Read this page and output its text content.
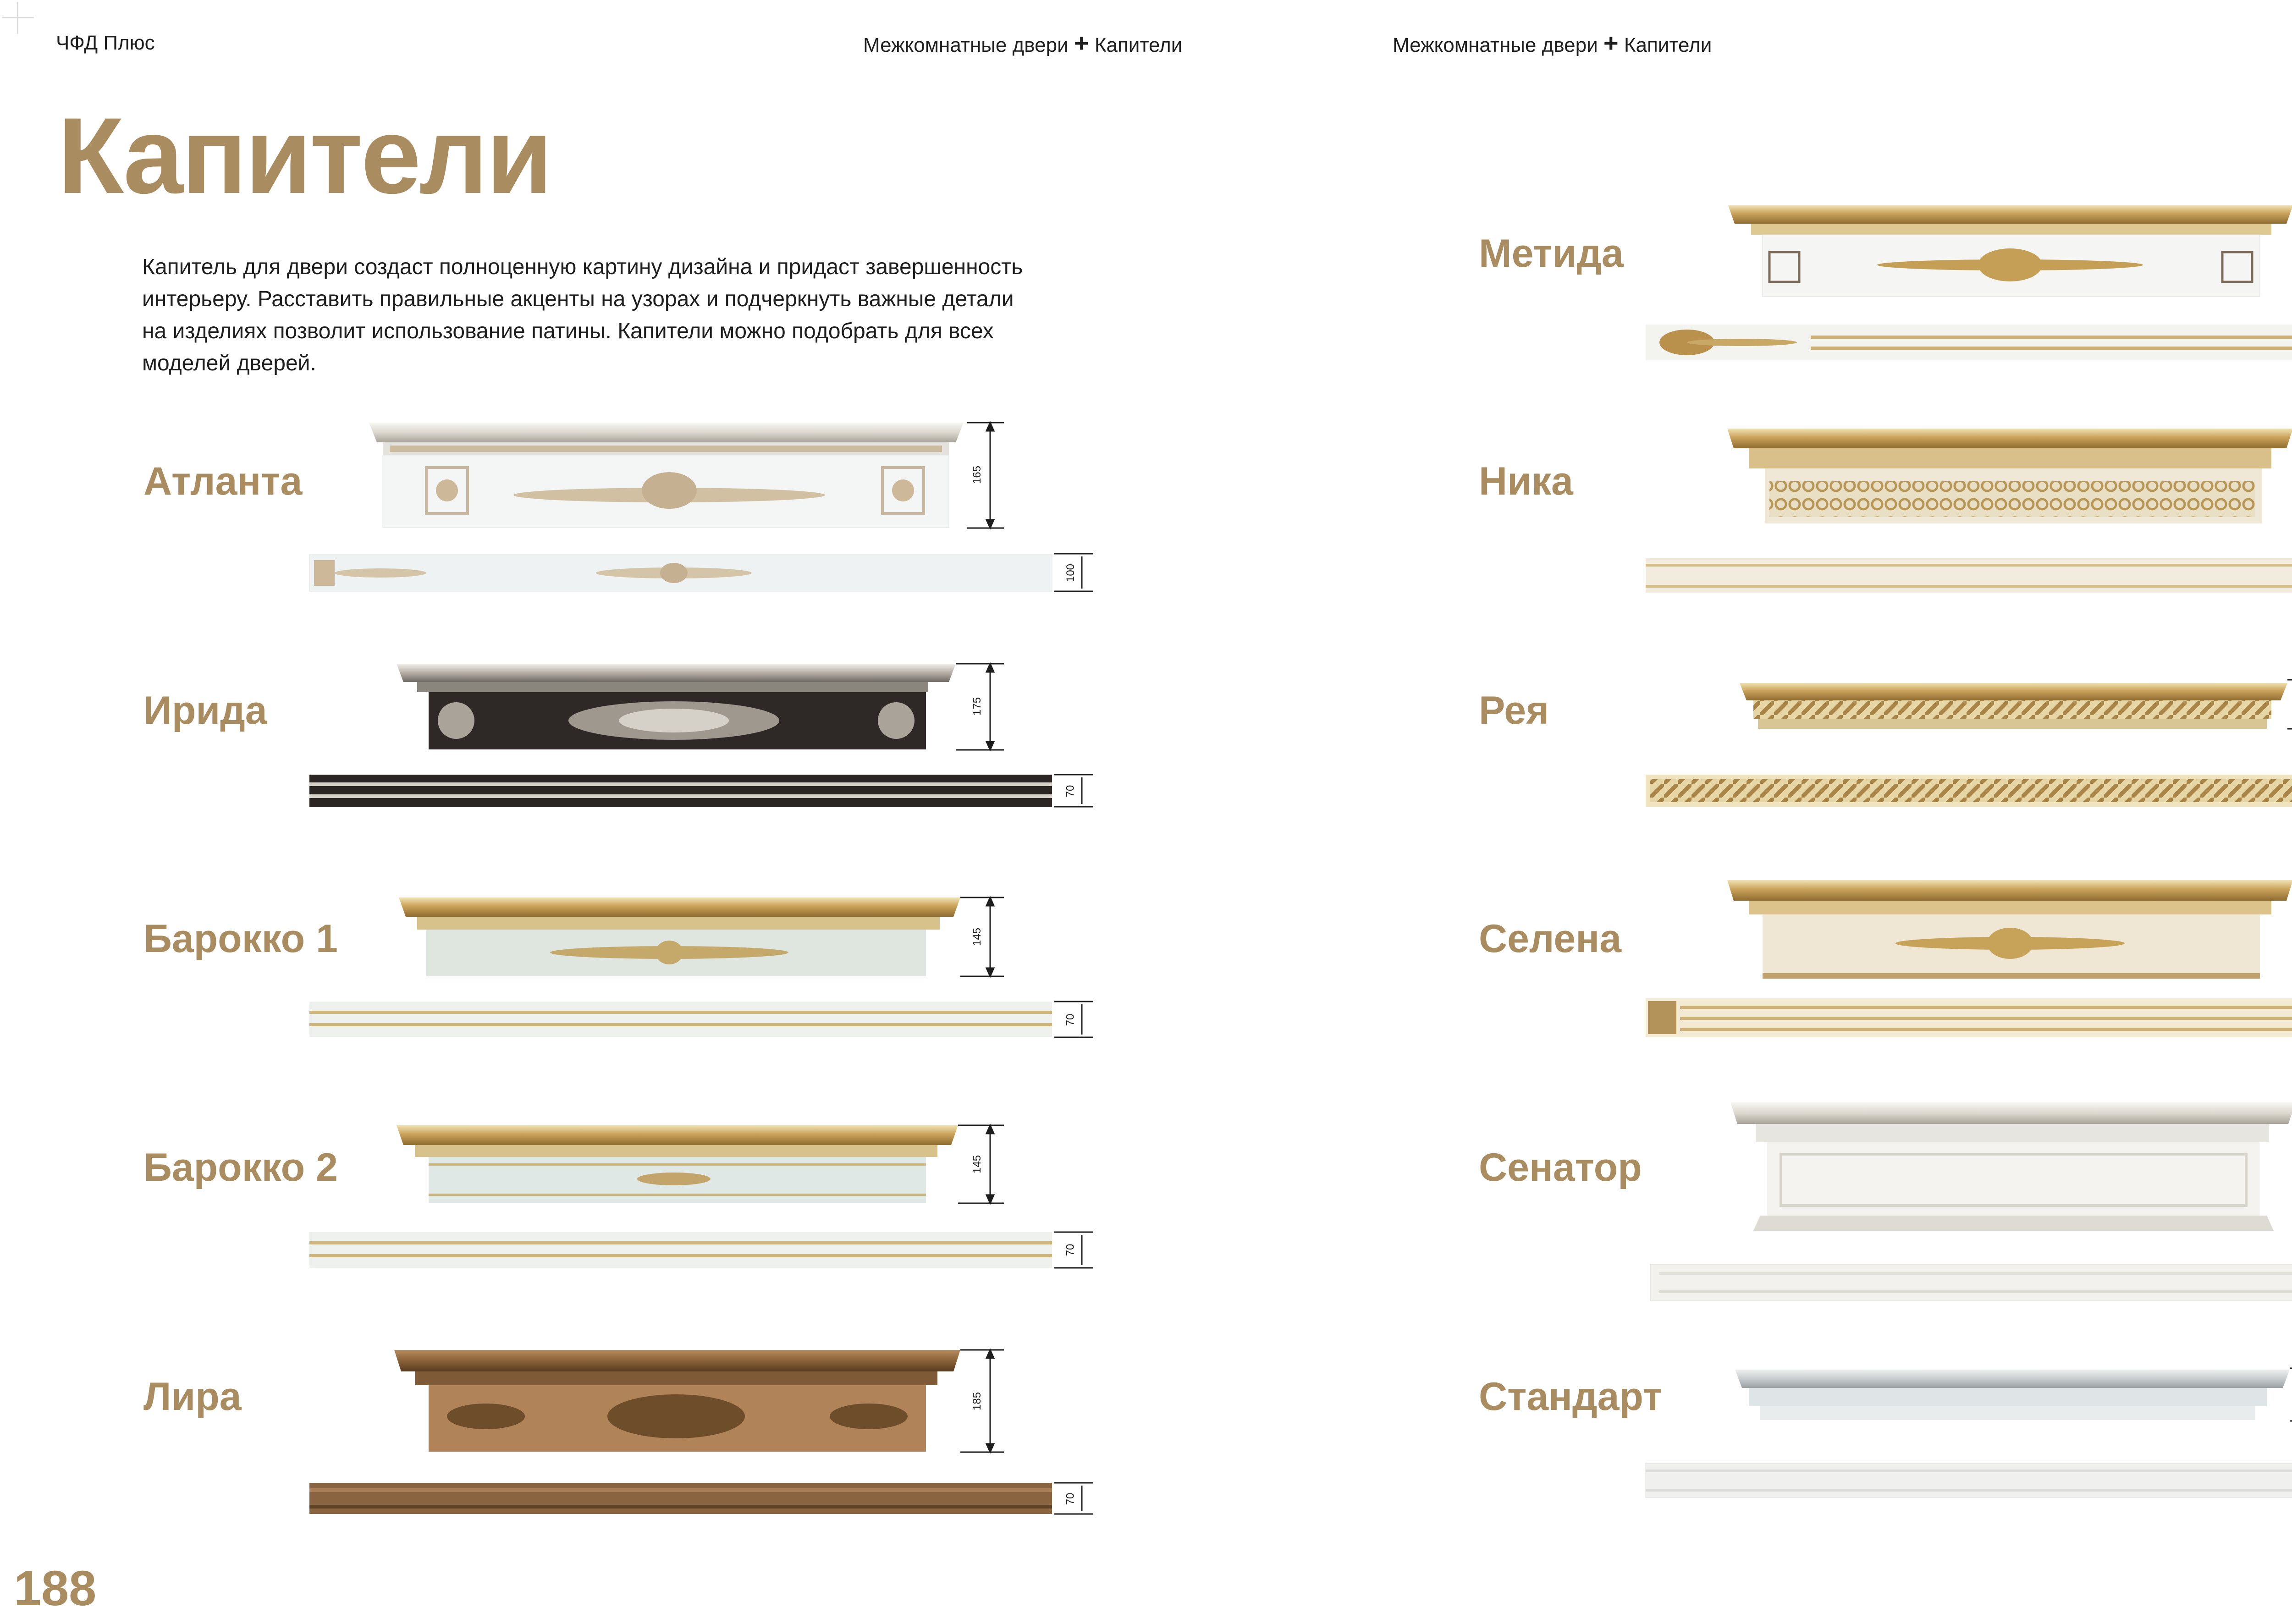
ЧФД Плюс	Межкомнатные двери + Капители	Межкомнатные двери + Капители
188
Капители
Капитель для двери создаст полноценную картину дизайна и придаст завершенность
интерьеру. Расставить правильные акценты на узорах и подчеркнуть важные детали
на изделиях позволит использование патины. Капители можно подобрать для всех
моделей дверей.
Атланта
Ирида
Барокко 1
Барокко 2
Лира
Метида
Ника
Рея
Селена
Сенатор
Стандарт
165
100
175
70
145
70
145
70
185
70
